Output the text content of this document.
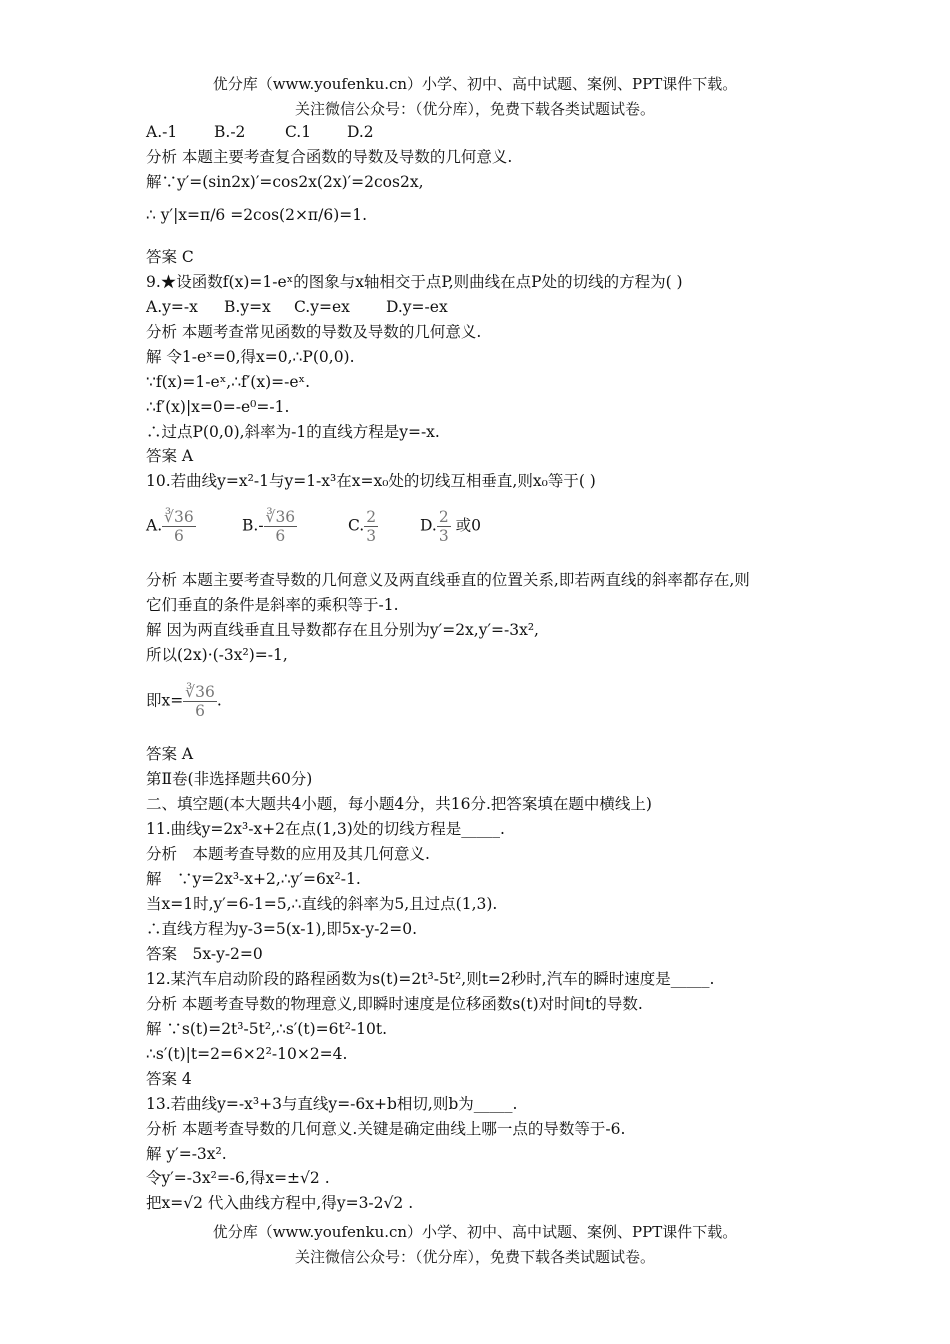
优分库（www.youfenku.cn）小学、初中、高中试题、案例、PPT课件下载。
关注微信公众号：（优分库），免费下载各类试题试卷。
A.-1 B.-2	C.1 D.2
分析 本题主要考查复合函数的导数及导数的几何意义.
解∵y′=(sin2x)′=cos2x(2x)′=2cos2x,
∴ y′|x=π/6 =2cos(2×π/6)=1.
答案 C
9.★设函数f(x)=1-eˣ的图象与x轴相交于点P,则曲线在点P处的切线的方程为( )
A.y=-x B.y=x C.y=ex D.y=-ex
分析 本题考查常见函数的导数及导数的几何意义.
解 令1-eˣ=0,得x=0,∴P(0,0).
∵f(x)=1-eˣ,∴f′(x)=-eˣ.
∴f′(x)|x=0=-e⁰=-1.
∴过点P(0,0),斜率为-1的直线方程是y=-x.
答案 A
10.若曲线y=x²-1与y=1-x³在x=x₀处的切线互相垂直,则x₀等于( )
A. $\frac{∛36}{6}$	$B.- \frac{∛36}{6}$	C. $\frac{2}{3}$	D. $\frac{2}{3}$ 或0
分析 本题主要考查导数的几何意义及两直线垂直的位置关系,即若两直线的斜率都存在,则
它们垂直的条件是斜率的乘积等于-1.
解 因为两直线垂直且导数都存在且分别为y′=2x,y′=-3x²,
所以(2x)·(-3x²)=-1,
即$x= \frac{∛36}{6}$ .
答案 A
第Ⅱ卷(非选择题共60分)
二、填空题(本大题共4小题，每小题4分，共16分.把答案填在题中横线上)
11.曲线y=2x³-x+2在点(1,3)处的切线方程是_____.
分析　本题考查导数的应用及其几何意义.
解　∵y=2x³-x+2,∴y′=6x²-1.
当x=1时,y′=6-1=5,∴直线的斜率为5,且过点(1,3).
∴直线方程为y-3=5(x-1),即5x-y-2=0.
答案　5x-y-2=0
12.某汽车启动阶段的路程函数为s(t)=2t³-5t²,则t=2秒时,汽车的瞬时速度是_____.
分析 本题考查导数的物理意义,即瞬时速度是位移函数s(t)对时间t的导数.
解 ∵s(t)=2t³-5t²,∴s′(t)=6t²-10t.
∴s′(t)|t=2=6×2²-10×2=4.
答案 4
13.若曲线y=-x³+3与直线y=-6x+b相切,则b为_____.
分析 本题考查导数的几何意义.关键是确定曲线上哪一点的导数等于-6.
解 y′=-3x².
令y′=-3x²=-6,得x=±√2 .
把x=√2 代入曲线方程中,得y=3-2√2 .
优分库（www.youfenku.cn）小学、初中、高中试题、案例、PPT课件下载。
关注微信公众号：（优分库），免费下载各类试题试卷。
